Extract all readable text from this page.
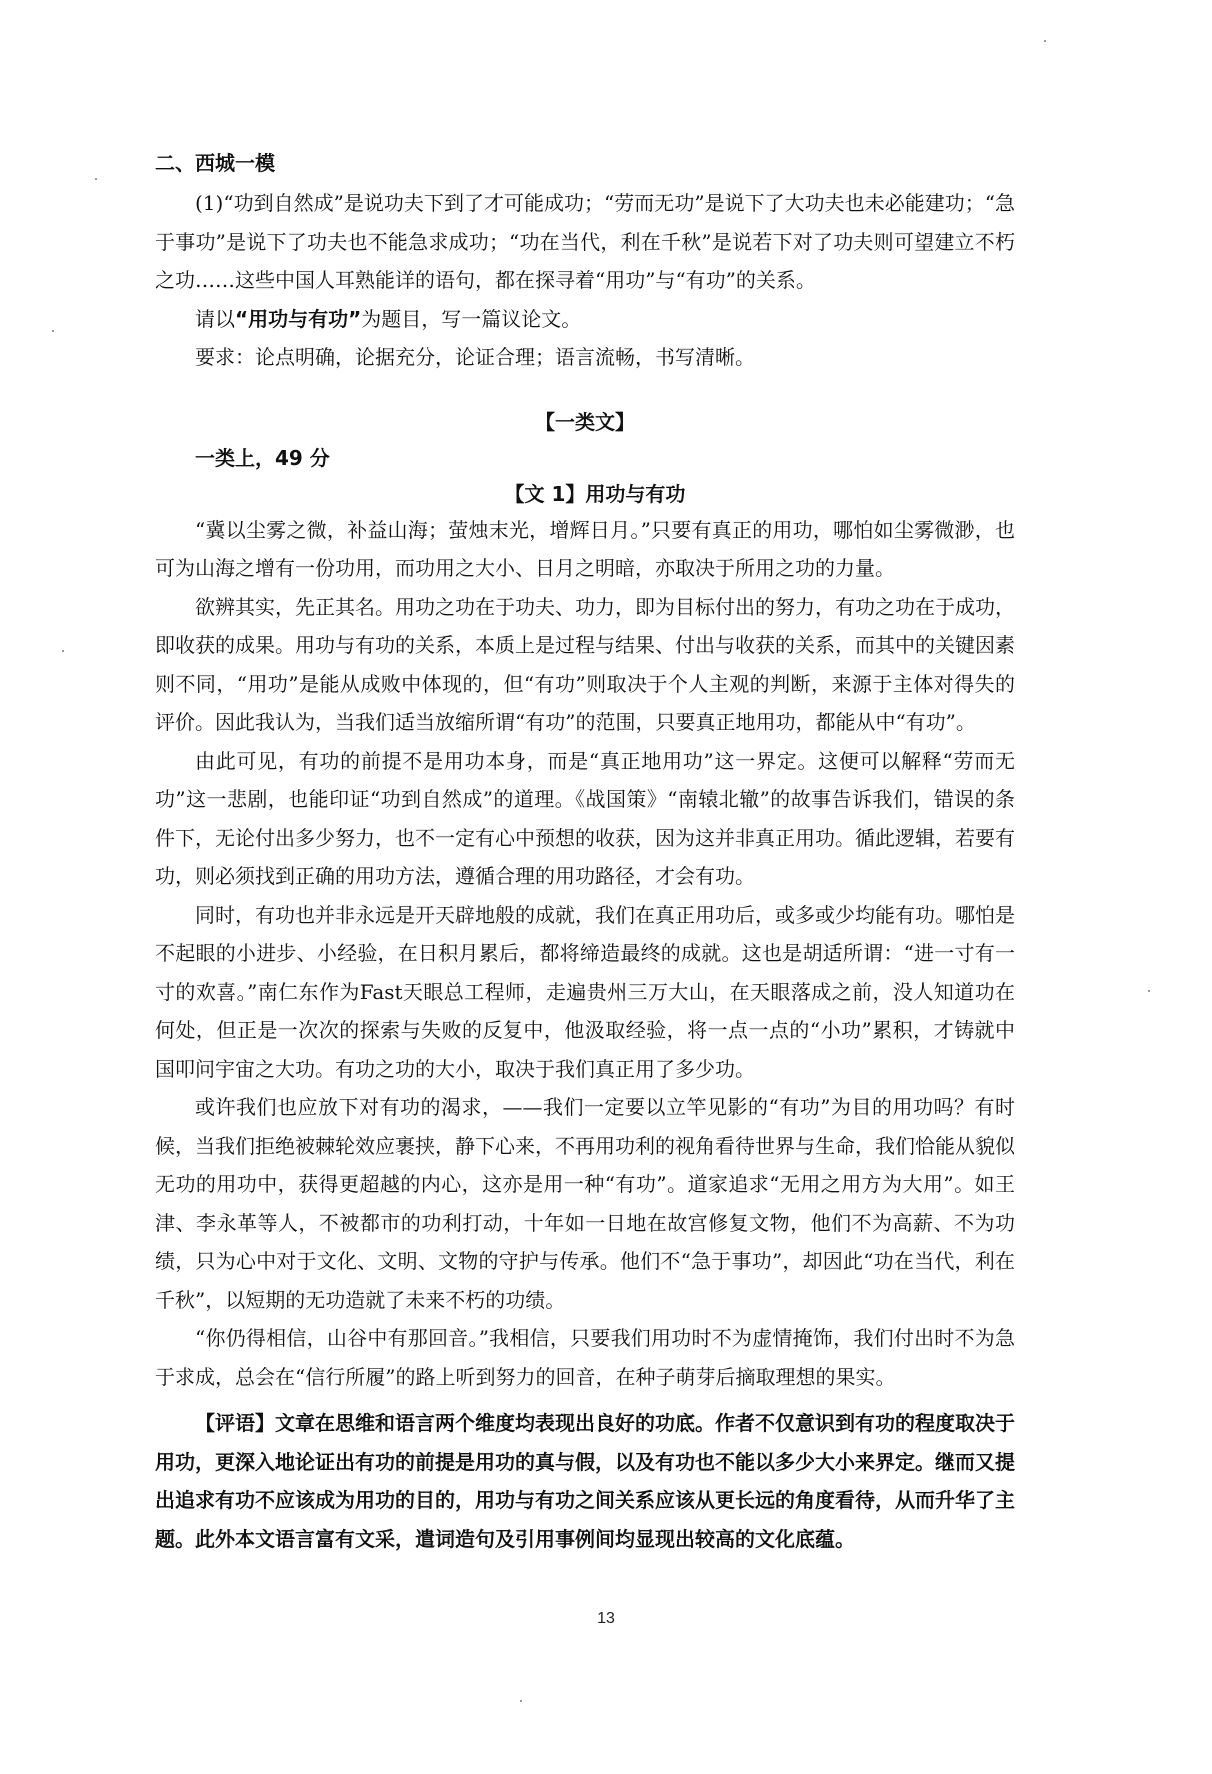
二、西城一模

(1)“功到自然成”是说功夫下到了才可能成功；“劳而无功”是说下了大功夫也未必能建功；“急于事功”是说下了功夫也不能急求成功；“功在当代，利在千秋”是说若下对了功夫则可望建立不朽之功……这些中国人耳熟能详的语句，都在探寻着“用功”与“有功”的关系。

请以“用功与有功”为题目，写一篇议论文。

要求：论点明确，论据充分，论证合理；语言流畅，书写清晰。

【一类文】
一类上，49 分
【文 1】用功与有功

“冀以尘雾之微，补益山海；萤烛末光，增辉日月。”只要有真正的用功，哪怕如尘雾微渺，也可为山海之增有一份功用，而功用之大小、日月之明暗，亦取决于所用之功的力量。

欲辨其实，先正其名。用功之功在于功夫、功力，即为目标付出的努力，有功之功在于成功，即收获的成果。用功与有功的关系，本质上是过程与结果、付出与收获的关系，而其中的关键因素则不同，“用功”是能从成败中体现的，但“有功”则取决于个人主观的判断，来源于主体对得失的评价。因此我认为，当我们适当放缩所谓“有功”的范围，只要真正地用功，都能从中“有功”。

由此可见，有功的前提不是用功本身，而是“真正地用功”这一界定。这便可以解释“劳而无功”这一悲剧，也能印证“功到自然成”的道理。《战国策》“南辕北辙”的故事告诉我们，错误的条件下，无论付出多少努力，也不一定有心中预想的收获，因为这并非真正用功。循此逻辑，若要有功，则必须找到正确的用功方法，遵循合理的用功路径，才会有功。

同时，有功也并非永远是开天辟地般的成就，我们在真正用功后，或多或少均能有功。哪怕是不起眼的小进步、小经验，在日积月累后，都将缔造最终的成就。这也是胡适所谓：“进一寸有一寸的欢喜。”南仁东作为Fast天眼总工程师，走遍贵州三万大山，在天眼落成之前，没人知道功在何处，但正是一次次的探索与失败的反复中，他汲取经验，将一点一点的“小功”累积，才铸就中国叩问宇宙之大功。有功之功的大小，取决于我们真正用了多少功。

或许我们也应放下对有功的渴求，——我们一定要以立竿见影的“有功”为目的用功吗？有时候，当我们拒绝被棘轮效应裹挟，静下心来，不再用功利的视角看待世界与生命，我们恰能从貌似无功的用功中，获得更超越的内心，这亦是用一种“有功”。道家追求“无用之用方为大用”。如王津、李永革等人，不被都市的功利打动，十年如一日地在故宫修复文物，他们不为高薪、不为功绩，只为心中对于文化、文明、文物的守护与传承。他们不“急于事功”，却因此“功在当代，利在千秋”，以短期的无功造就了未来不朽的功绩。

“你仍得相信，山谷中有那回音。”我相信，只要我们用功时不为虚情掩饰，我们付出时不为急于求成，总会在“信行所履”的路上听到努力的回音，在种子萌芽后摘取理想的果实。

【评语】文章在思维和语言两个维度均表现出良好的功底。作者不仅意识到有功的程度取决于用功，更深入地论证出有功的前提是用功的真与假，以及有功也不能以多少大小来界定。继而又提出追求有功不应该成为用功的目的，用功与有功之间关系应该从更长远的角度看待，从而升华了主题。此外本文语言富有文采，遣词造句及引用事例间均显现出较高的文化底蕴。

13
